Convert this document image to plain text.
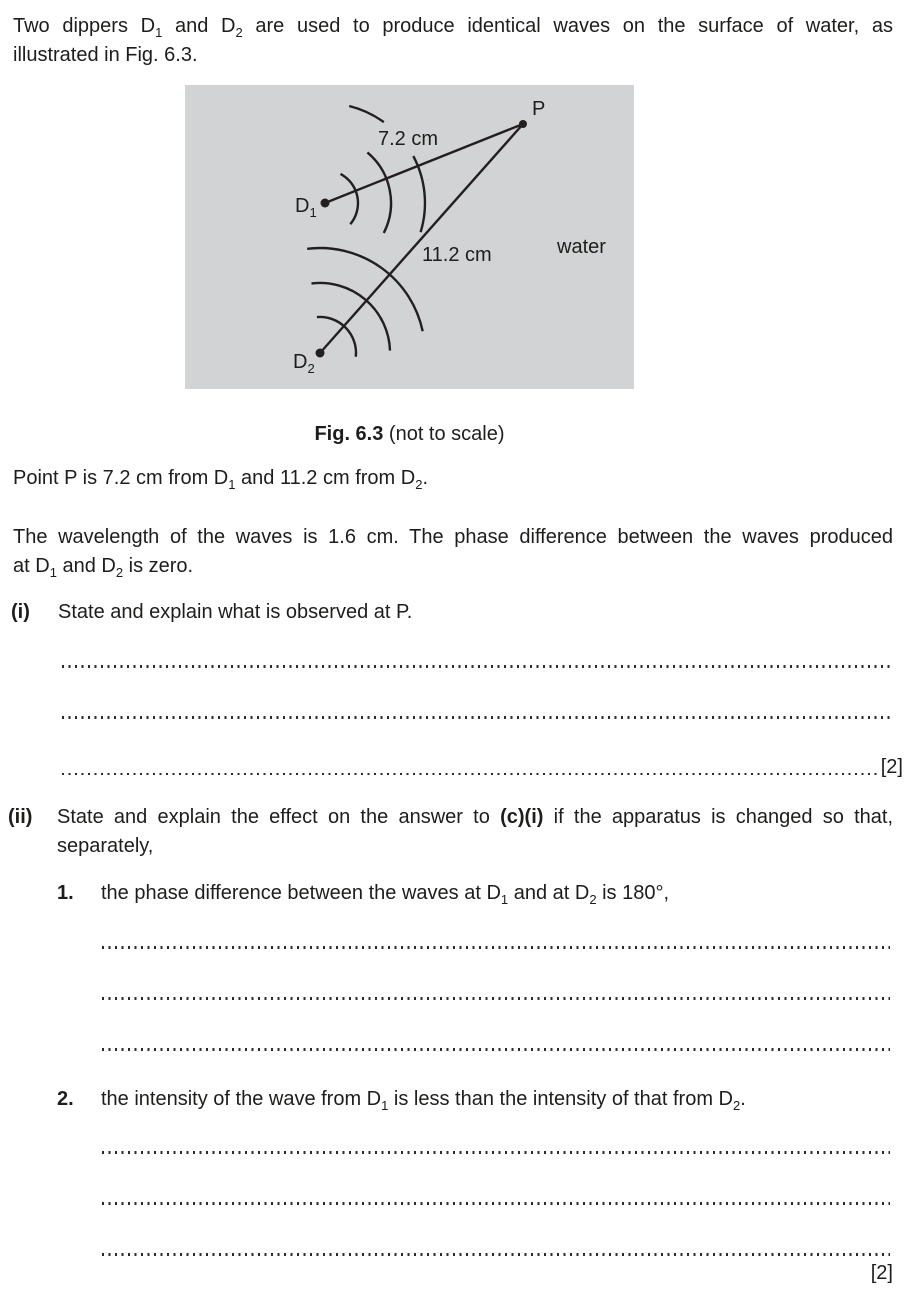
Two dippers $D_1$ and $D_2$ are used to produce identical waves on the surface of water, as
illustrated in Fig. 6.3.
P
7.2 cm
11.2 cm	water
$D_1$
$D_2$
Fig. 6.3 (not to scale)
Point P is 7.2 cm from $D_1$ and 11.2 cm from $D_2$.
The wavelength of the waves is 1.6 cm. The phase difference between the waves produced
at $D_1$ and $D_2$ is zero.
(i) State and explain what is observed at P.
[2]
(ii) State and explain the effect on the answer to (c)(i) if the apparatus is changed so that,
separately,
1. the phase difference between the waves at $D_1$ and at $D_2$ is 180°,
2. the intensity of the wave from $D_1$ is less than the intensity of that from $D_2$.
[2]
